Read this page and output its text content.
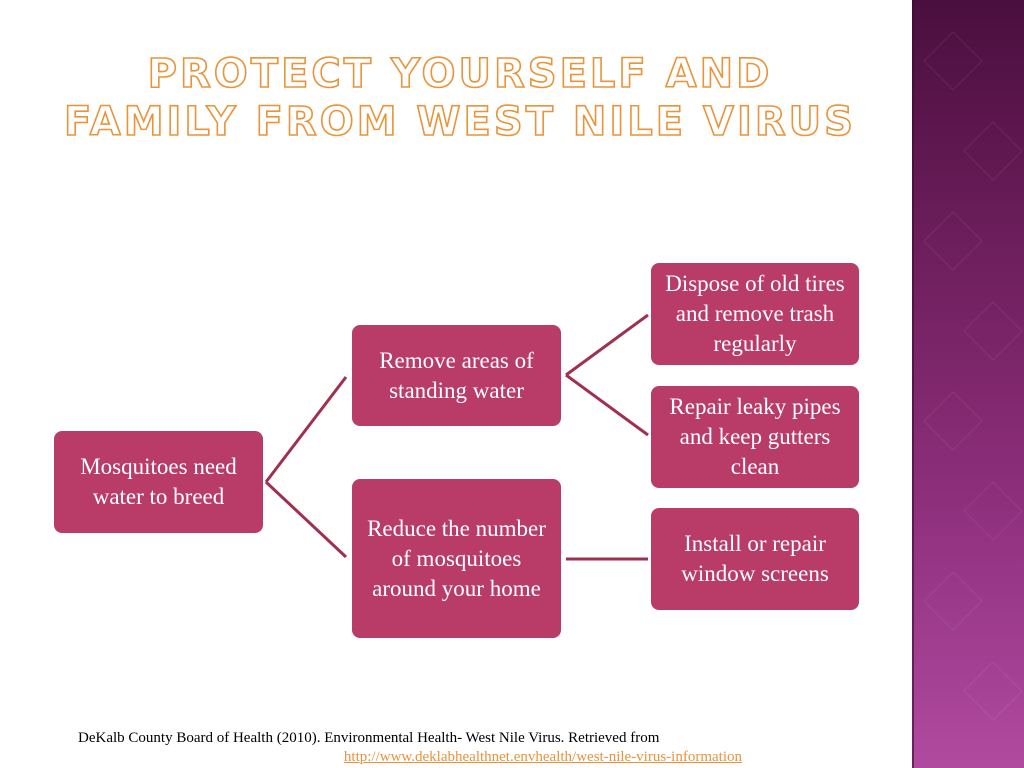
PROTECT YOURSELF AND
FAMILY FROM WEST NILE VIRUS
Mosquitoes need water to breed
Remove areas of standing water
Reduce the number of mosquitoes around your home
Dispose of old tires and remove trash regularly
Repair leaky pipes and keep gutters clean
Install or repair window screens
DeKalb County Board of Health (2010). Environmental Health- West Nile Virus. Retrieved from
http://www.deklabhealthnet.envhealth/west-nile-virus-information
